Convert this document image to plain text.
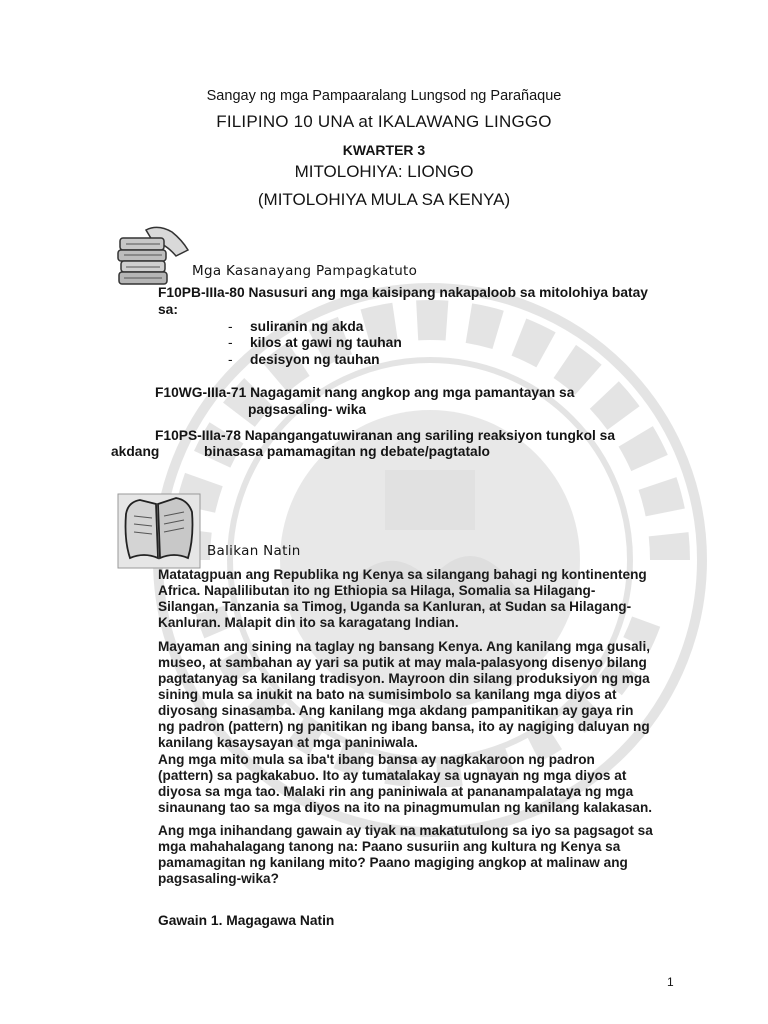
Sangay ng mga Pampaaralang Lungsod ng Parañaque
FILIPINO 10 UNA at IKALAWANG LINGGO
KWARTER 3
MITOLOHIYA: LIONGO
(MITOLOHIYA MULA SA KENYA)
Mga Kasanayang Pampagkatuto
F10PB-IIIa-80 Nasusuri ang mga kaisipang nakapaloob sa mitolohiya batay
sa:
- suliranin ng akda
- kilos at gawi ng tauhan
- desisyon ng tauhan
F10WG-IIIa-71 Nagagamit nang angkop ang mga pamantayan sa
pagsasaling- wika
F10PS-IIIa-78 Napangangatuwiranan ang sariling reaksiyon tungkol sa
akdang	binasasa pamamagitan ng debate/pagtatalo
Balikan Natin
Matatagpuan ang Republika ng Kenya sa silangang bahagi ng kontinenteng
Africa. Napalilibutan ito ng Ethiopia sa Hilaga, Somalia sa Hilagang-
Silangan, Tanzania sa Timog, Uganda sa Kanluran, at Sudan sa Hilagang-
Kanluran. Malapit din ito sa karagatang Indian.
Mayaman ang sining na taglay ng bansang Kenya. Ang kanilang mga gusali,
museo, at sambahan ay yari sa putik at may mala-palasyong disenyo bilang
pagtatanyag sa kanilang tradisyon. Mayroon din silang produksiyon ng mga
sining mula sa inukit na bato na sumisimbolo sa kanilang mga diyos at
diyosang sinasamba. Ang kanilang mga akdang pampanitikan ay gaya rin
ng padron (pattern) ng panitikan ng ibang bansa, ito ay nagiging daluyan ng
kanilang kasaysayan at mga paniniwala.
Ang mga mito mula sa iba't ibang bansa ay nagkakaroon ng padron
(pattern) sa pagkakabuo. Ito ay tumatalakay sa ugnayan ng mga diyos at
diyosa sa mga tao. Malaki rin ang paniniwala at pananampalataya ng mga
sinaunang tao sa mga diyos na ito na pinagmumulan ng kanilang kalakasan.
Ang mga inihandang gawain ay tiyak na makatutulong sa iyo sa pagsagot sa
mga mahahalagang tanong na: Paano susuriin ang kultura ng Kenya sa
pamamagitan ng kanilang mito? Paano magiging angkop at malinaw ang
pagsasaling-wika?
Gawain 1. Magagawa Natin
1
